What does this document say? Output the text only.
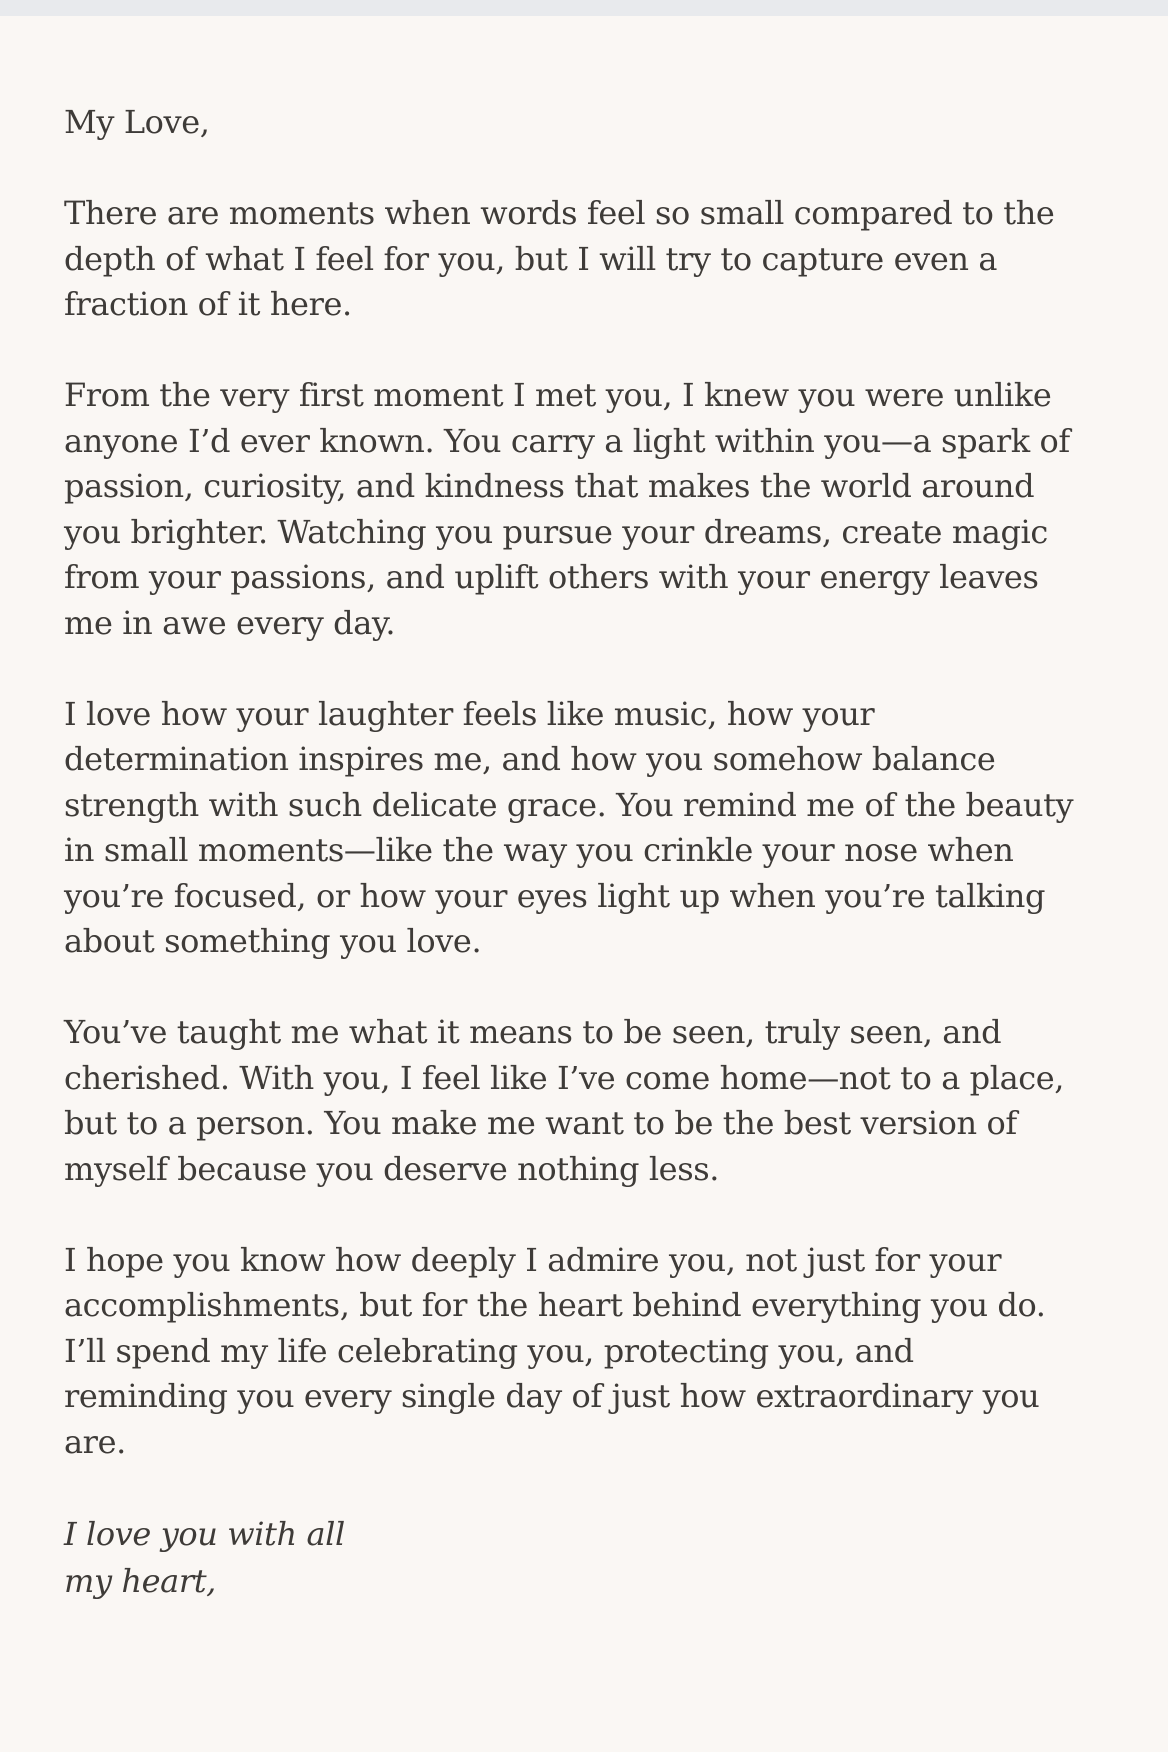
My Love,

There are moments when words feel so small compared to the depth of what I feel for you, but I will try to capture even a fraction of it here.

From the very first moment I met you, I knew you were unlike anyone I’d ever known. You carry a light within you—a spark of passion, curiosity, and kindness that makes the world around you brighter. Watching you pursue your dreams, create magic from your passions, and uplift others with your energy leaves me in awe every day.

I love how your laughter feels like music, how your determination inspires me, and how you somehow balance strength with such delicate grace. You remind me of the beauty in small moments—like the way you crinkle your nose when you’re focused, or how your eyes light up when you’re talking about something you love.

You’ve taught me what it means to be seen, truly seen, and cherished. With you, I feel like I’ve come home—not to a place, but to a person. You make me want to be the best version of myself because you deserve nothing less.

I hope you know how deeply I admire you, not just for your accomplishments, but for the heart behind everything you do. I’ll spend my life celebrating you, protecting you, and reminding you every single day of just how extraordinary you are.

I love you with all
my heart,
